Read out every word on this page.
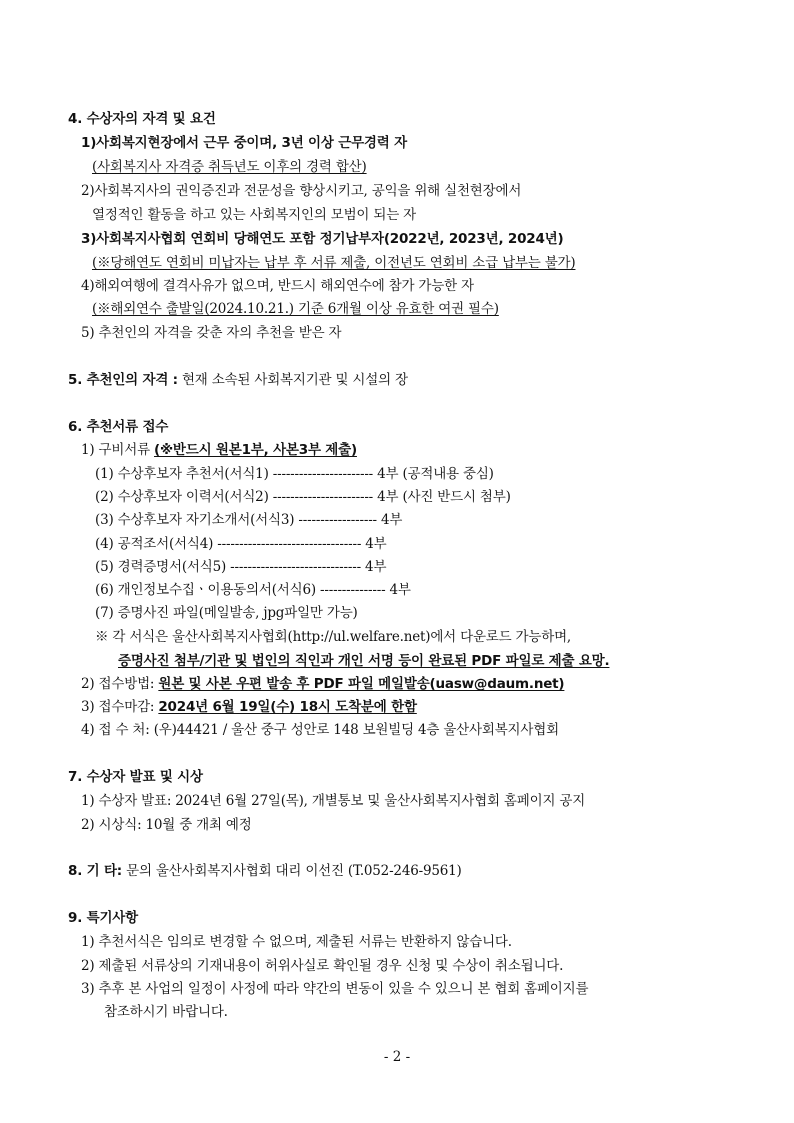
4. 수상자의 자격 및 요건
1)사회복지현장에서 근무 중이며, 3년 이상 근무경력 자
(사회복지사 자격증 취득년도 이후의 경력 합산)
2)사회복지사의 권익증진과 전문성을 향상시키고, 공익을 위해 실천현장에서
열정적인 활동을 하고 있는 사회복지인의 모범이 되는 자
3)사회복지사협회 연회비 당해연도 포함 정기납부자(2022년, 2023년, 2024년)
(※당해연도 연회비 미납자는 납부 후 서류 제출, 이전년도 연회비 소급 납부는 불가)
4)해외여행에 결격사유가 없으며, 반드시 해외연수에 참가 가능한 자
(※해외연수 출발일(2024.10.21.) 기준 6개월 이상 유효한 여권 필수)
5) 추천인의 자격을 갖춘 자의 추천을 받은 자
5. 추천인의 자격 : 현재 소속된 사회복지기관 및 시설의 장
6. 추천서류 접수
1) 구비서류 (※반드시 원본1부, 사본3부 제출)
(1) 수상후보자 추천서(서식1) ----------------------- 4부 (공적내용 중심)
(2) 수상후보자 이력서(서식2) ----------------------- 4부 (사진 반드시 첨부)
(3) 수상후보자 자기소개서(서식3) ------------------ 4부
(4) 공적조서(서식4) --------------------------------- 4부
(5) 경력증명서(서식5) ------------------------------ 4부
(6) 개인정보수집ㆍ이용동의서(서식6) --------------- 4부
(7) 증명사진 파일(메일발송, jpg파일만 가능)
※ 각 서식은 울산사회복지사협회(http://ul.welfare.net)에서 다운로드 가능하며,
증명사진 첨부/기관 및 법인의 직인과 개인 서명 등이 완료된 PDF 파일로 제출 요망.
2) 접수방법: 원본 및 사본 우편 발송 후 PDF 파일 메일발송(uasw@daum.net)
3) 접수마감: 2024년 6월 19일(수) 18시 도착분에 한함
4) 접 수 처: (우)44421 / 울산 중구 성안로 148 보원빌딩 4층 울산사회복지사협회
7. 수상자 발표 및 시상
1) 수상자 발표: 2024년 6월 27일(목), 개별통보 및 울산사회복지사협회 홈페이지 공지
2) 시상식: 10월 중 개최 예정
8. 기 타: 문의 울산사회복지사협회 대리 이선진 (T.052-246-9561)
9. 특기사항
1) 추천서식은 임의로 변경할 수 없으며, 제출된 서류는 반환하지 않습니다.
2) 제출된 서류상의 기재내용이 허위사실로 확인될 경우 신청 및 수상이 취소됩니다.
3) 추후 본 사업의 일정이 사정에 따라 약간의 변동이 있을 수 있으니 본 협회 홈페이지를
참조하시기 바랍니다.
- 2 -
